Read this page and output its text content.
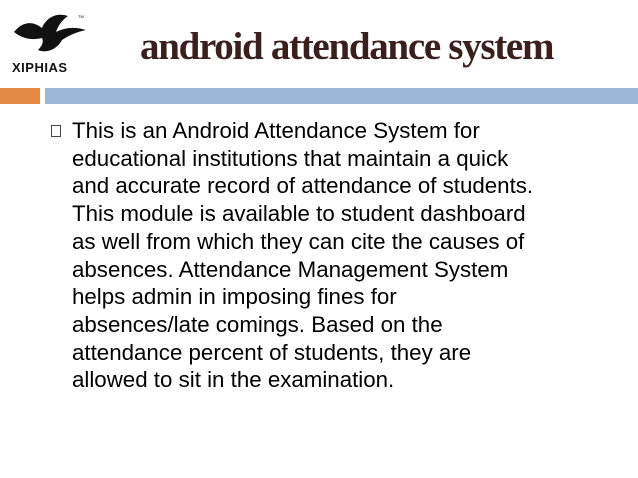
TM
XIPHIAS android attendance system
This is an Android Attendance System for
educational institutions that maintain a quick
and accurate record of attendance of students.
This module is available to student dashboard
as well from which they can cite the causes of
absences. Attendance Management System
helps admin in imposing fines for
absences/late comings. Based on the
attendance percent of students, they are
allowed to sit in the examination.
